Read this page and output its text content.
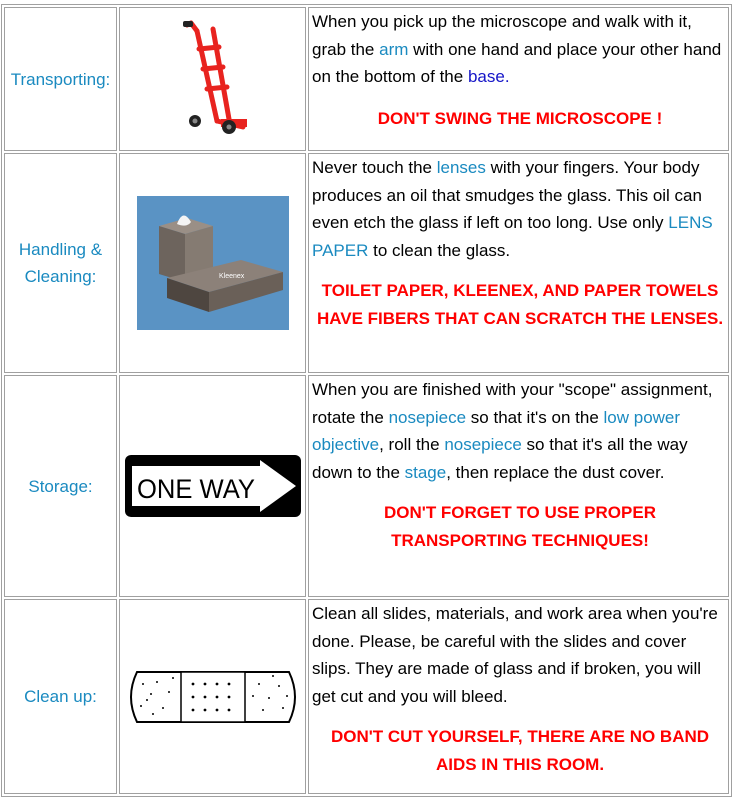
Transporting:		When you pick up the microscope and walk with it, grab the arm with one hand and place your other hand on the bottom of the base.
DON'T SWING THE MICROSCOPE !

Handling & Cleaning:	Kleenex	Never touch the lenses with your fingers. Your body produces an oil that smudges the glass. This oil can even etch the glass if left on too long. Use only LENS PAPER to clean the glass.
TOILET PAPER, KLEENEX, AND PAPER TOWELS HAVE FIBERS THAT CAN SCRATCH THE LENSES.

Storage:	ONE WAY	When you are finished with your "scope" assignment, rotate the nosepiece so that it's on the low power objective, roll the nosepiece so that it's all the way down to the stage, then replace the dust cover.
DON'T FORGET TO USE PROPER TRANSPORTING TECHNIQUES!

Clean up:		Clean all slides, materials, and work area when you're done. Please, be careful with the slides and cover slips. They are made of glass and if broken, you will get cut and you will bleed.
DON'T CUT YOURSELF, THERE ARE NO BAND AIDS IN THIS ROOM.
